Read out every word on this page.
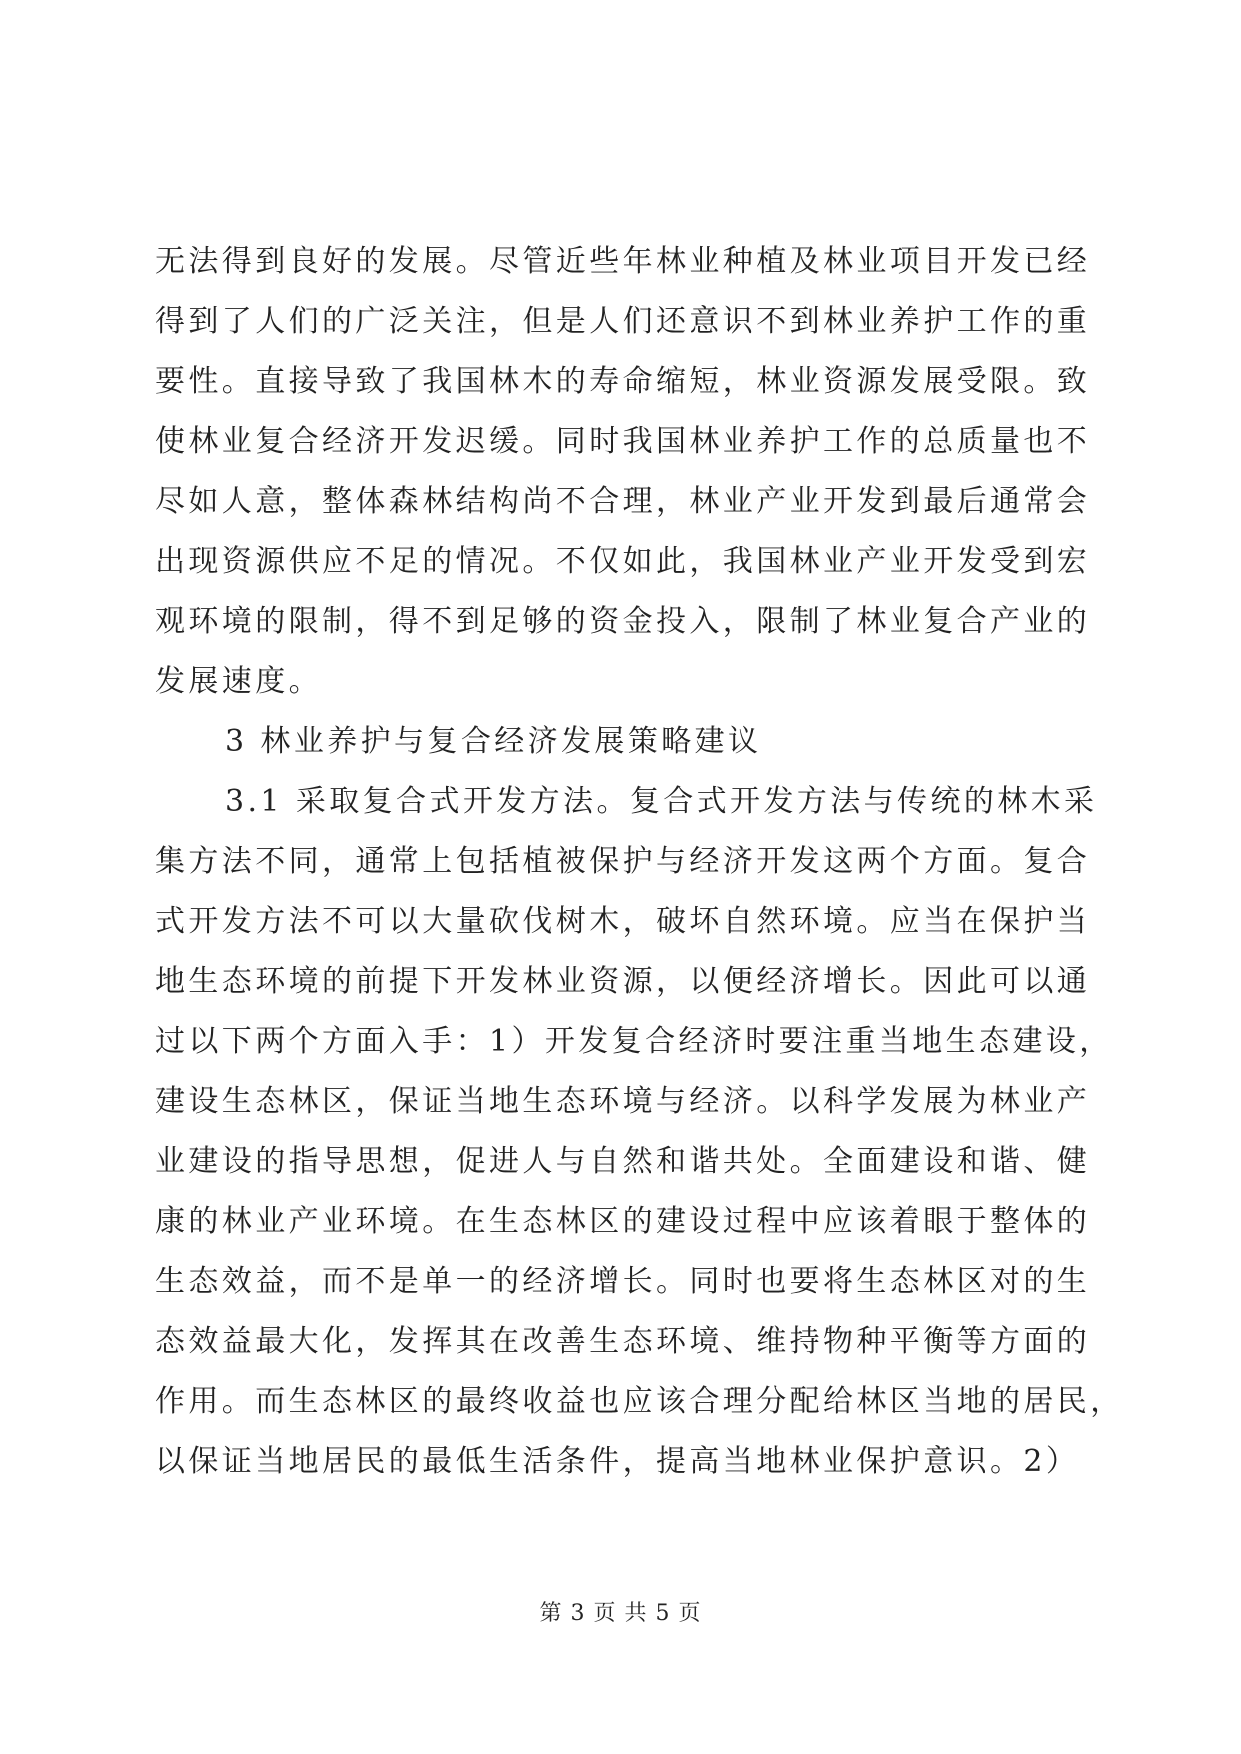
无法得到良好的发展。尽管近些年林业种植及林业项目开发已经
得到了人们的广泛关注，但是人们还意识不到林业养护工作的重
要性。直接导致了我国林木的寿命缩短，林业资源发展受限。致
使林业复合经济开发迟缓。同时我国林业养护工作的总质量也不
尽如人意，整体森林结构尚不合理，林业产业开发到最后通常会
出现资源供应不足的情况。不仅如此，我国林业产业开发受到宏
观环境的限制，得不到足够的资金投入，限制了林业复合产业的
发展速度。
3 林业养护与复合经济发展策略建议
3.1 采取复合式开发方法。复合式开发方法与传统的林木采
集方法不同，通常上包括植被保护与经济开发这两个方面。复合
式开发方法不可以大量砍伐树木，破坏自然环境。应当在保护当
地生态环境的前提下开发林业资源，以便经济增长。因此可以通
过以下两个方面入手：1）开发复合经济时要注重当地生态建设，
建设生态林区，保证当地生态环境与经济。以科学发展为林业产
业建设的指导思想，促进人与自然和谐共处。全面建设和谐、健
康的林业产业环境。在生态林区的建设过程中应该着眼于整体的
生态效益，而不是单一的经济增长。同时也要将生态林区对的生
态效益最大化，发挥其在改善生态环境、维持物种平衡等方面的
作用。而生态林区的最终收益也应该合理分配给林区当地的居民，
以保证当地居民的最低生活条件，提高当地林业保护意识。2）
第 3 页 共 5 页
